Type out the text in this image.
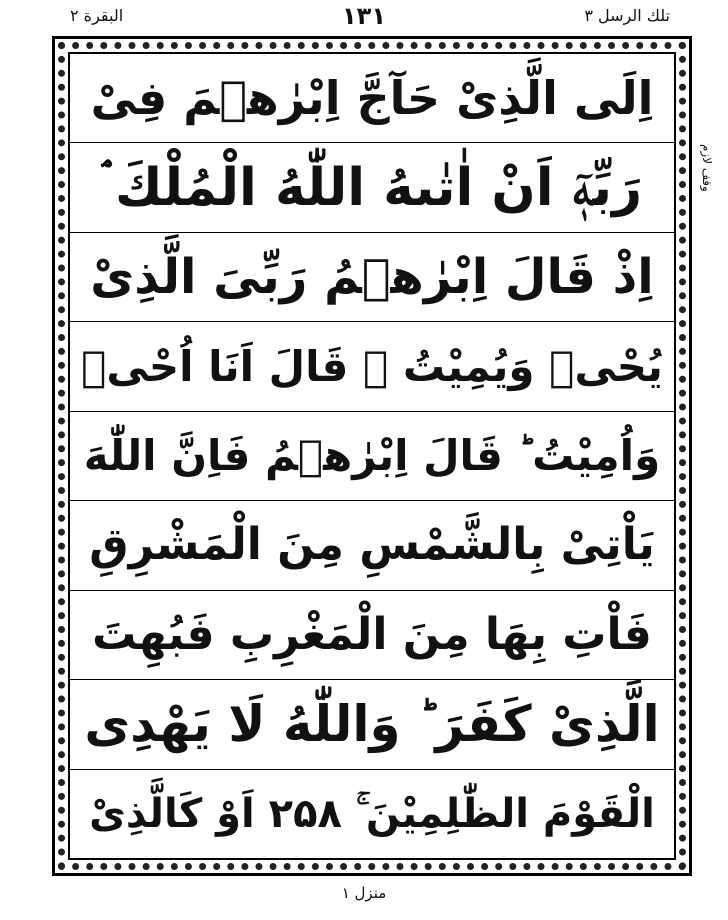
البقرة ۲	۱۳۱	تلك الرسل ۳
اِلَى الَّذِىْ حَآجَّ اِبْرٰهٖمَ فِىْ
رَبِّهٖٓ اَنْ اٰتٰىهُ اللّٰهُ الْمُلْكَ ۘ
اِذْ قَالَ اِبْرٰهٖمُ رَبِّىَ الَّذِىْ
يُحْىٖ وَيُمِيْتُ ۙ قَالَ اَنَا اُحْىٖ
وَاُمِيْتُ ؕ قَالَ اِبْرٰهٖمُ فَاِنَّ اللّٰهَ
يَاْتِىْ بِالشَّمْسِ مِنَ الْمَشْرِقِ
فَاْتِ بِهَا مِنَ الْمَغْرِبِ فَبُهِتَ
الَّذِىْ كَفَرَ ؕ وَاللّٰهُ لَا يَهْدِى
الْقَوْمَ الظّٰلِمِيْنَ ۚ ۲۵۸ اَوْ كَالَّذِىْ
وقف لازم
منزل ۱
